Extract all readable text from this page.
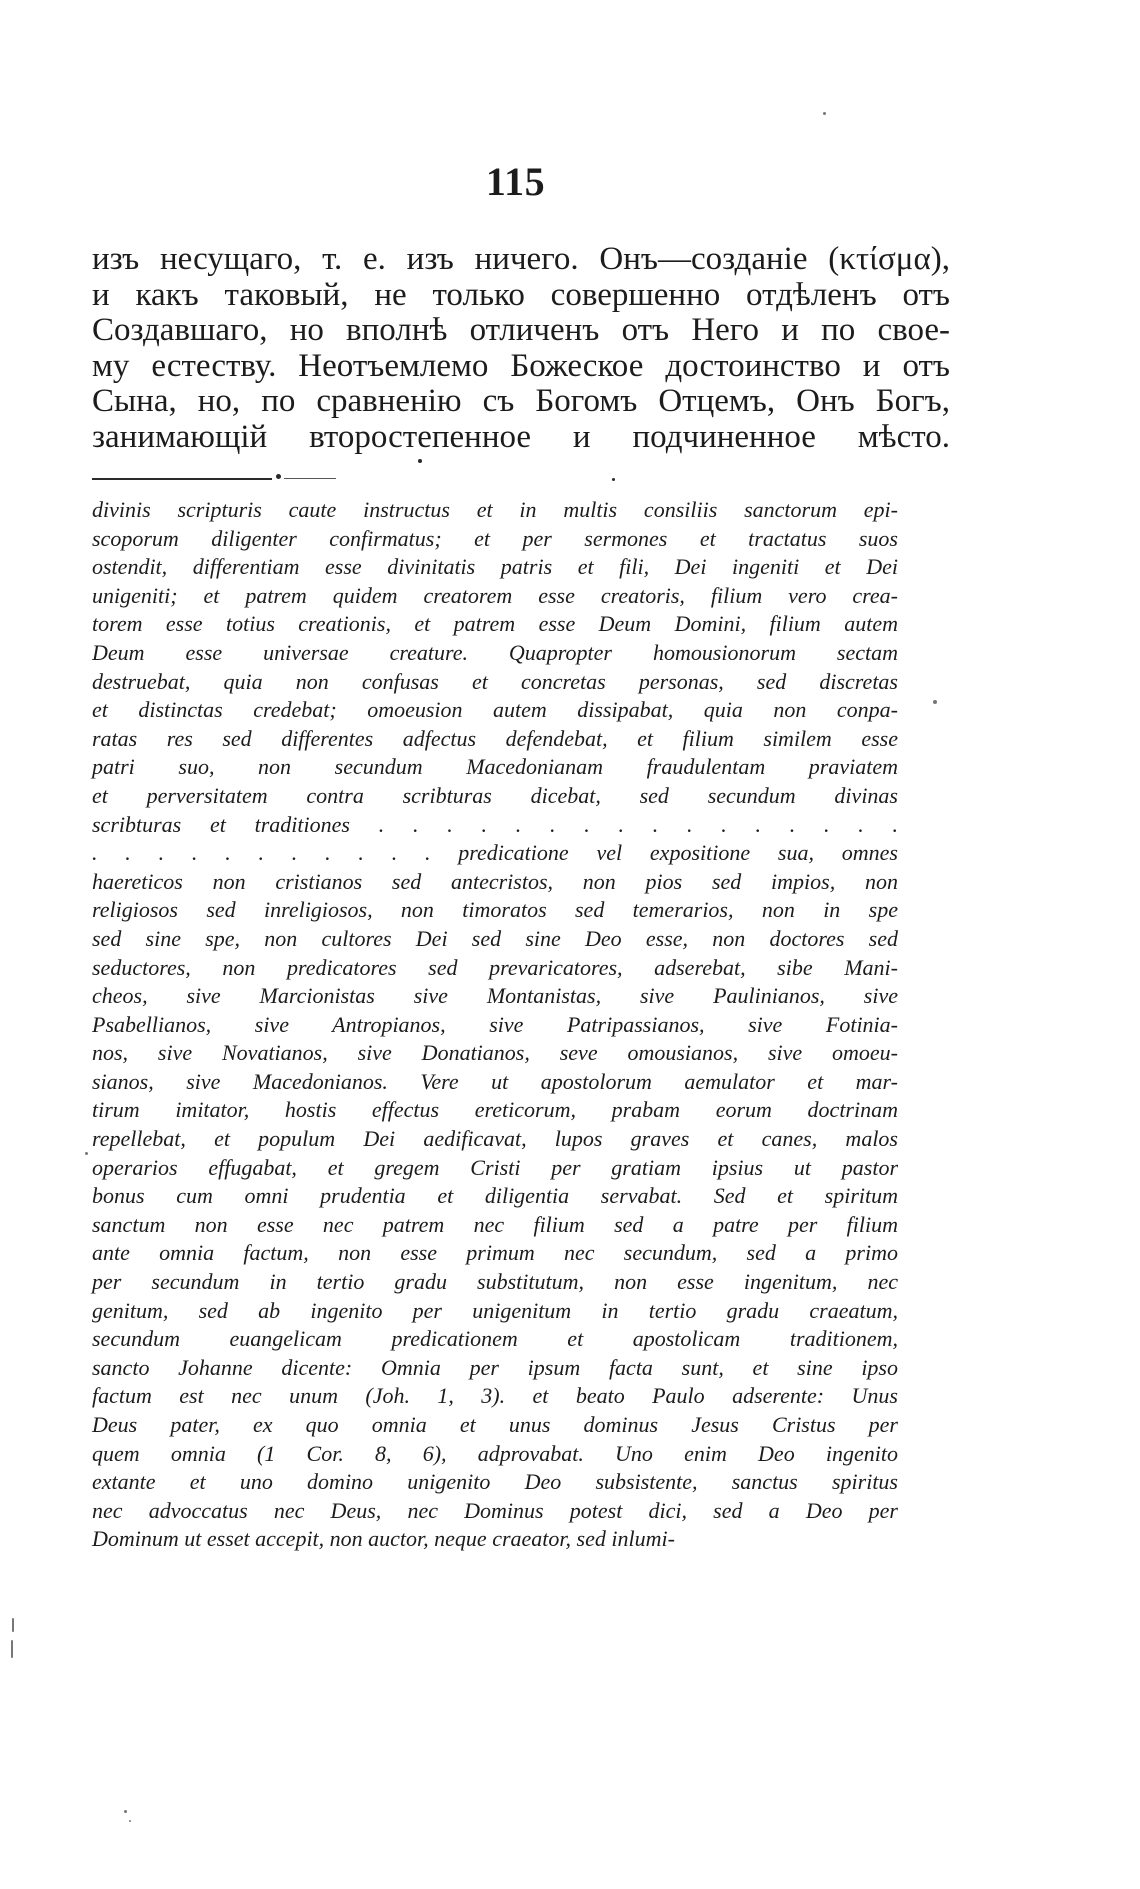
115
изъ несущаго, т. е. изъ ничего. Онъ—созданiе (κτίσμα),
и какъ таковый, не только совершенно отдѣленъ отъ
Создавшаго, но вполнѣ отличенъ отъ Него и по свое-
му естеству. Неотъемлемо Божеское достоинство и отъ
Сына, но, по сравненiю съ Богомъ Отцемъ, Онъ Богъ,
занимающiй второстепенное и подчиненное мѣсто.
divinis scripturis caute instructus et in multis consiliis sanctorum epi-
scoporum diligenter confirmatus; et per sermones et tractatus suos
ostendit, differentiam esse divinitatis patris et fili, Dei ingeniti et Dei
unigeniti; et patrem quidem creatorem esse creatoris, filium vero crea-
torem esse totius creationis, et patrem esse Deum Domini, filium autem
Deum esse universae creature. Quapropter homousionorum sectam
destruebat, quia non confusas et concretas personas, sed discretas
et distinctas credebat; omoeusion autem dissipabat, quia non conpa-
ratas res sed differentes adfectus defendebat, et filium similem esse
patri suo, non secundum Macedonianam fraudulentam praviatem
et perversitatem contra scribturas dicebat, sed secundum divinas
scribturas et traditiones . . . . . . . . . . . . . . . .
. . . . . . . . . . . predicatione vel expositione sua, omnes
haereticos non cristianos sed antecristos, non pios sed impios, non
religiosos sed inreligiosos, non timoratos sed temerarios, non in spe
sed sine spe, non cultores Dei sed sine Deo esse, non doctores sed
seductores, non predicatores sed prevaricatores, adserebat, sibe Mani-
cheos, sive Marcionistas sive Montanistas, sive Paulinianos, sive
Psabellianos, sive Antropianos, sive Patripassianos, sive Fotinia-
nos, sive Novatianos, sive Donatianos, seve omousianos, sive omoeu-
sianos, sive Macedonianos. Vere ut apostolorum aemulator et mar-
tirum imitator, hostis effectus ereticorum, prabam eorum doctrinam
repellebat, et populum Dei aedificavat, lupos graves et canes, malos
operarios effugabat, et gregem Cristi per gratiam ipsius ut pastor
bonus cum omni prudentia et diligentia servabat. Sed et spiritum
sanctum non esse nec patrem nec filium sed a patre per filium
ante omnia factum, non esse primum nec secundum, sed a primo
per secundum in tertio gradu substitutum, non esse ingenitum, nec
genitum, sed ab ingenito per unigenitum in tertio gradu craeatum,
secundum euangelicam predicationem et apostolicam traditionem,
sancto Johanne dicente: Omnia per ipsum facta sunt, et sine ipso
factum est nec unum (Joh. 1, 3). et beato Paulo adserente: Unus
Deus pater, ex quo omnia et unus dominus Jesus Cristus per
quem omnia (1 Cor. 8, 6), adprovabat. Uno enim Deo ingenito
extante et uno domino unigenito Deo subsistente, sanctus spiritus
nec advoccatus nec Deus, nec Dominus potest dici, sed a Deo per
Dominum ut esset accepit, non auctor, neque craeator, sed inlumi-
